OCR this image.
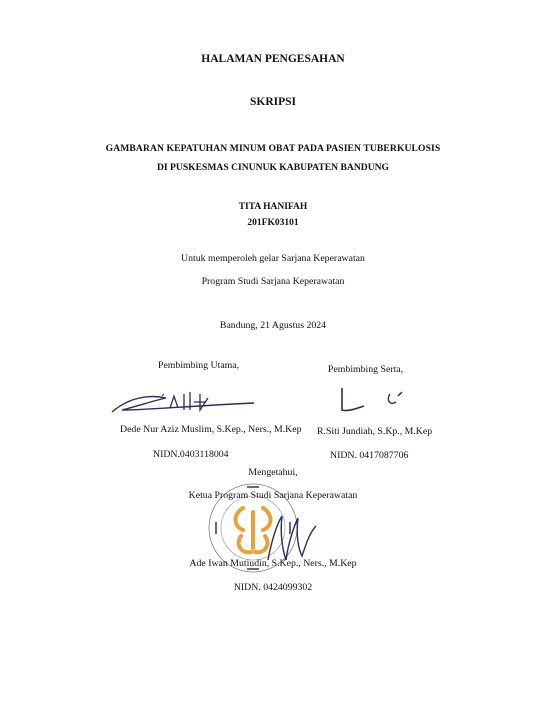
HALAMAN PENGESAHAN
SKRIPSI
GAMBARAN KEPATUHAN MINUM OBAT PADA PASIEN TUBERKULOSIS
DI PUSKESMAS CINUNUK KABUPATEN BANDUNG
TITA HANIFAH
201FK03101
Untuk memperoleh gelar Sarjana Keperawatan
Program Studi Sarjana Keperawatan
Bandung, 21 Agustus 2024
Pembimbing Utama,	Pembimbing Serta,
Dede Nur Aziz Muslim, S.Kep., Ners., M.Kep
NIDN.0403118004
R.Siti Jundiah, S.Kp., M.Kep
NIDN. 0417087706
Mengetahui,
Ketua Program Studi Sarjana Keperawatan
Ade Iwan Mutiudin, S.Kep., Ners., M.Kep
NIDN. 0424099302
